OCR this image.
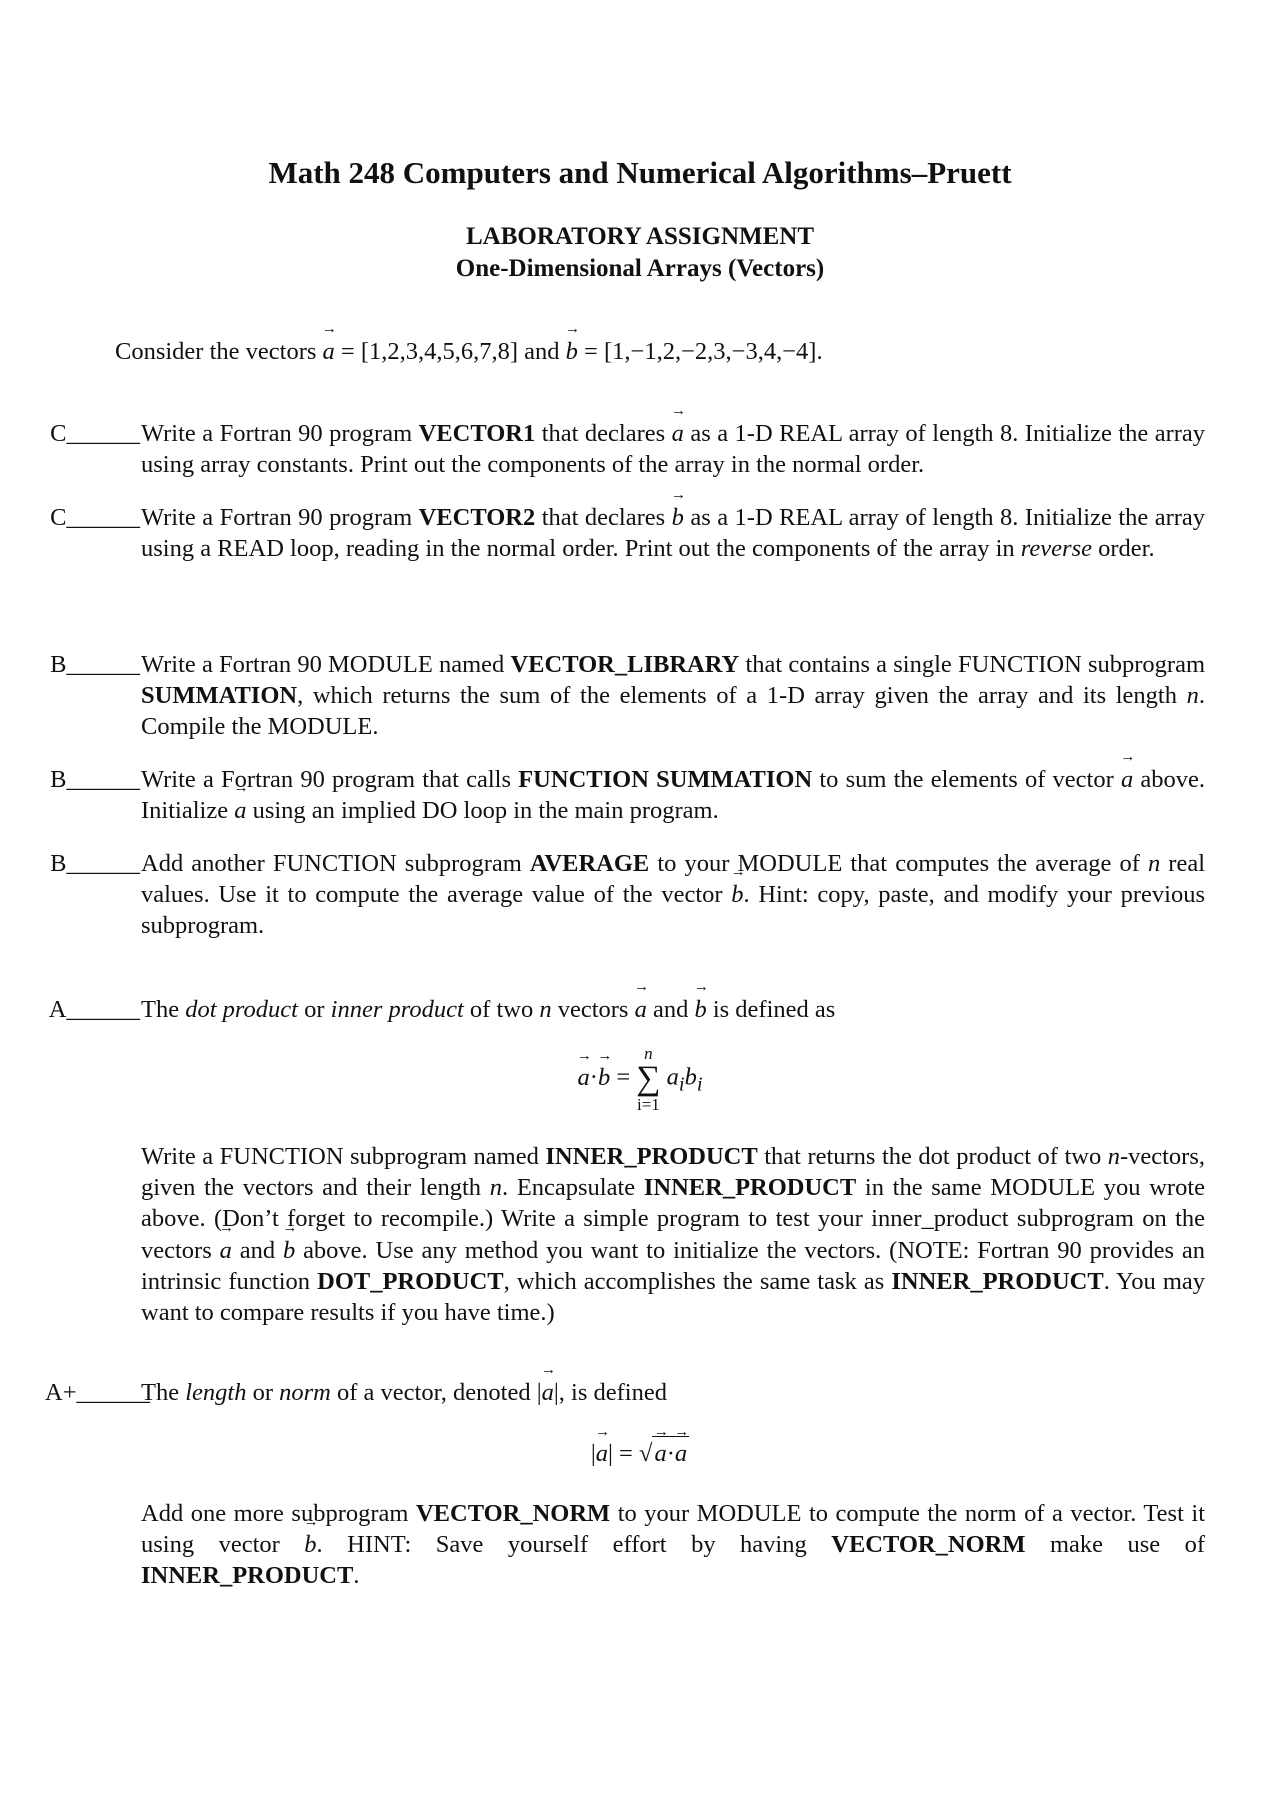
Math 248 Computers and Numerical Algorithms–Pruett
LABORATORY ASSIGNMENT
One-Dimensional Arrays (Vectors)

Consider the vectors → a = [1,2,3,4,5,6,7,8] and → b = [1,−1,2,−2,3,−3,4,−4].

C______ Write a Fortran 90 program VECTOR1 that declares → a as a 1-D REAL array of length 8. Initialize the array using array constants. Print out the components of the array in the normal order.

C______ Write a Fortran 90 program VECTOR2 that declares → b as a 1-D REAL array of length 8. Initialize the array using a READ loop, reading in the normal order. Print out the components of the array in reverse order.

B______ Write a Fortran 90 MODULE named VECTOR_LIBRARY that contains a single FUNCTION subprogram SUMMATION, which returns the sum of the elements of a 1-D array given the array and its length n. Compile the MODULE.

B______ Write a Fortran 90 program that calls FUNCTION SUMMATION to sum the elements of vector → a above. Initialize → a using an implied DO loop in the main program.

B______ Add another FUNCTION subprogram AVERAGE to your MODULE that computes the average of n real values. Use it to compute the average value of the vector → b. Hint: copy, paste, and modify your previous subprogram.

A______ The dot product or inner product of two n vectors → a and → b is defined as

→ a·→ b =
n
∑
i=1
$a_ib_i$

Write a FUNCTION subprogram named INNER_PRODUCT that returns the dot product of two n-vectors, given the vectors and their length n. Encapsulate INNER_PRODUCT in the same MODULE you wrote above. (Don’t forget to recompile.) Write a simple program to test your inner_product subprogram on the vectors → a and → b above. Use any method you want to initialize the vectors. (NOTE: Fortran 90 provides an intrinsic function DOT_PRODUCT, which accomplishes the same task as INNER_PRODUCT. You may want to compare results if you have time.)

A+______

The length or norm of a vector, denoted |→ a|, is defined

|→ a| = √→ a·→ a

Add one more subprogram VECTOR_NORM to your MODULE to compute the norm of a vector. Test it using vector → b. HINT: Save yourself effort by having VECTOR_NORM make use of INNER_PRODUCT.
